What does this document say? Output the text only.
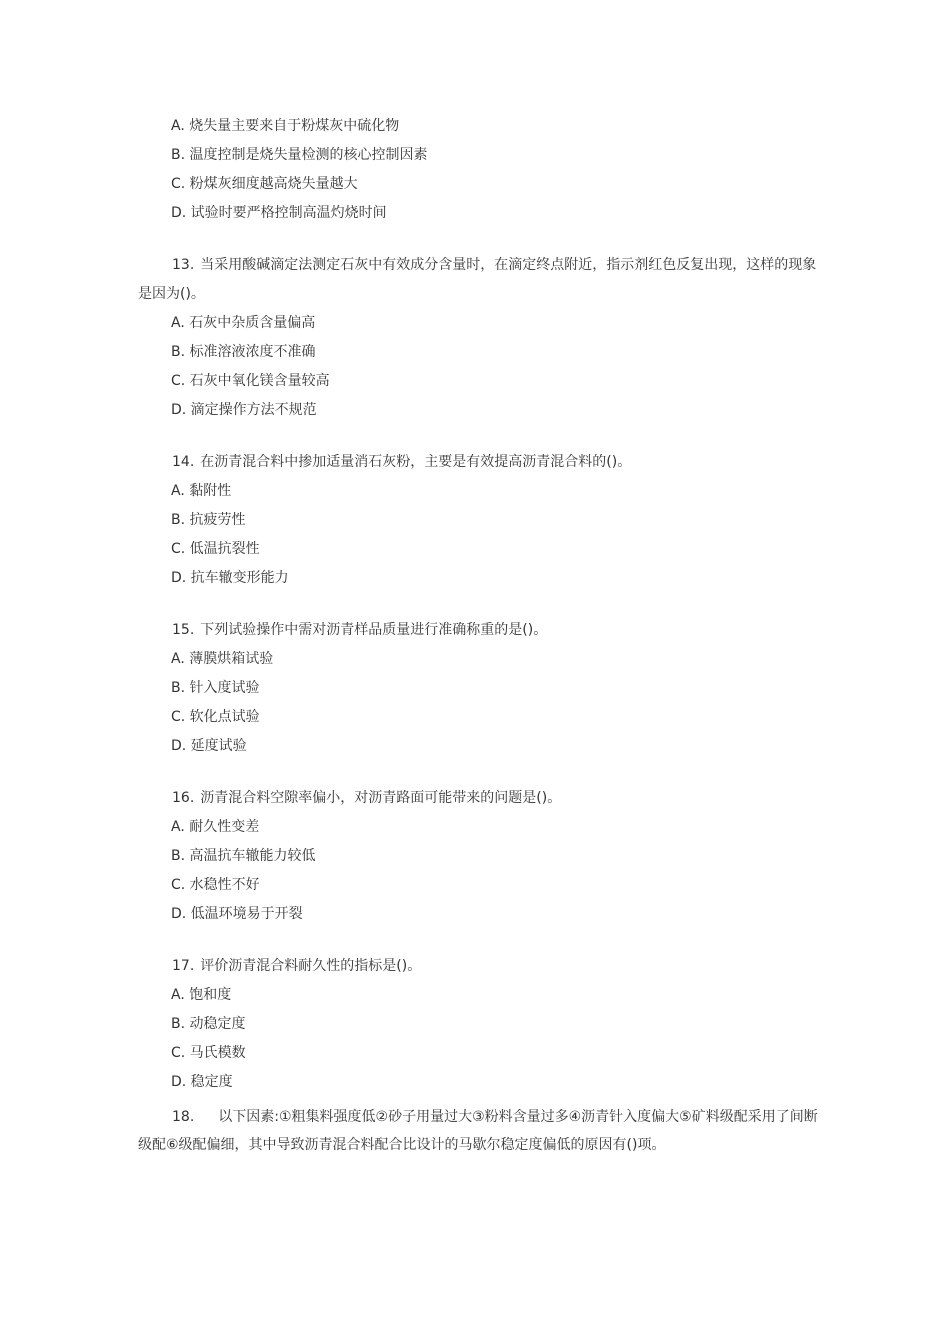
A. 烧失量主要来自于粉煤灰中硫化物
B. 温度控制是烧失量检测的核心控制因素
C. 粉煤灰细度越高烧失量越大
D. 试验时要严格控制高温灼烧时间
13. 当采用酸碱滴定法测定石灰中有效成分含量时，在滴定终点附近，指示剂红色反复出现，这样的现象是因为()。
A. 石灰中杂质含量偏高
B. 标准溶液浓度不准确
C. 石灰中氧化镁含量较高
D. 滴定操作方法不规范
14. 在沥青混合料中掺加适量消石灰粉，主要是有效提高沥青混合料的()。
A. 黏附性
B. 抗疲劳性
C. 低温抗裂性
D. 抗车辙变形能力
15. 下列试验操作中需对沥青样品质量进行准确称重的是()。
A. 薄膜烘箱试验
B. 针入度试验
C. 软化点试验
D. 延度试验
16. 沥青混合料空隙率偏小，对沥青路面可能带来的问题是()。
A. 耐久性变差
B. 高温抗车辙能力较低
C. 水稳性不好
D. 低温环境易于开裂
17. 评价沥青混合料耐久性的指标是()。
A. 饱和度
B. 动稳定度
C. 马氏模数
D. 稳定度
18. 以下因素:①粗集料强度低②砂子用量过大③粉料含量过多④沥青针入度偏大⑤矿料级配采用了间断级配⑥级配偏细，其中导致沥青混合料配合比设计的马歇尔稳定度偏低的原因有()项。
